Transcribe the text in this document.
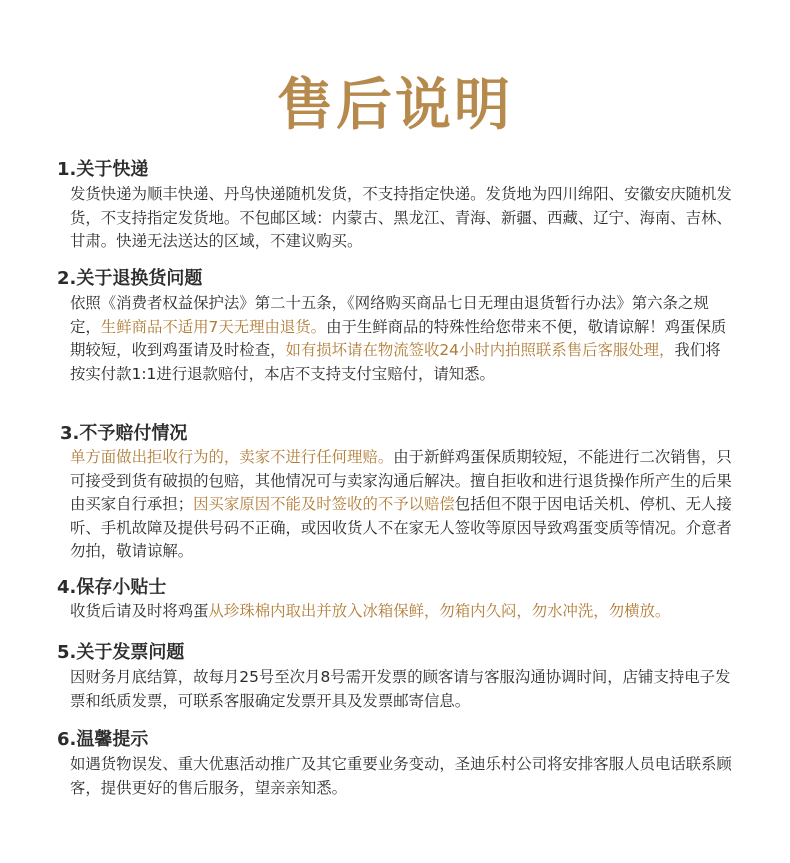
售后说明
1.关于快递
发货快递为顺丰快递、丹鸟快递随机发货，不支持指定快递。发货地为四川绵阳、安徽安庆随机发货，不支持指定发货地。不包邮区域：内蒙古、黑龙江、青海、新疆、西藏、辽宁、海南、吉林、甘肃。快递无法送达的区域，不建议购买。
2.关于退换货问题
依照《消费者权益保护法》第二十五条，《网络购买商品七日无理由退货暂行办法》第六条之规定，生鲜商品不适用7天无理由退货。由于生鲜商品的特殊性给您带来不便，敬请谅解！鸡蛋保质期较短，收到鸡蛋请及时检查，如有损坏请在物流签收24小时内拍照联系售后客服处理，我们将按实付款1:1进行退款赔付，本店不支持支付宝赔付，请知悉。
3.不予赔付情况
单方面做出拒收行为的，卖家不进行任何理赔。由于新鲜鸡蛋保质期较短，不能进行二次销售，只可接受到货有破损的包赔，其他情况可与卖家沟通后解决。擅自拒收和进行退货操作所产生的后果由买家自行承担；因买家原因不能及时签收的不予以赔偿包括但不限于因电话关机、停机、无人接听、手机故障及提供号码不正确，或因收货人不在家无人签收等原因导致鸡蛋变质等情况。介意者勿拍，敬请谅解。
4.保存小贴士
收货后请及时将鸡蛋从珍珠棉内取出并放入冰箱保鲜，勿箱内久闷，勿水冲洗，勿横放。
5.关于发票问题
因财务月底结算，故每月25号至次月8号需开发票的顾客请与客服沟通协调时间，店铺支持电子发票和纸质发票，可联系客服确定发票开具及发票邮寄信息。
6.温馨提示
如遇货物误发、重大优惠活动推广及其它重要业务变动，圣迪乐村公司将安排客服人员电话联系顾客，提供更好的售后服务，望亲亲知悉。
